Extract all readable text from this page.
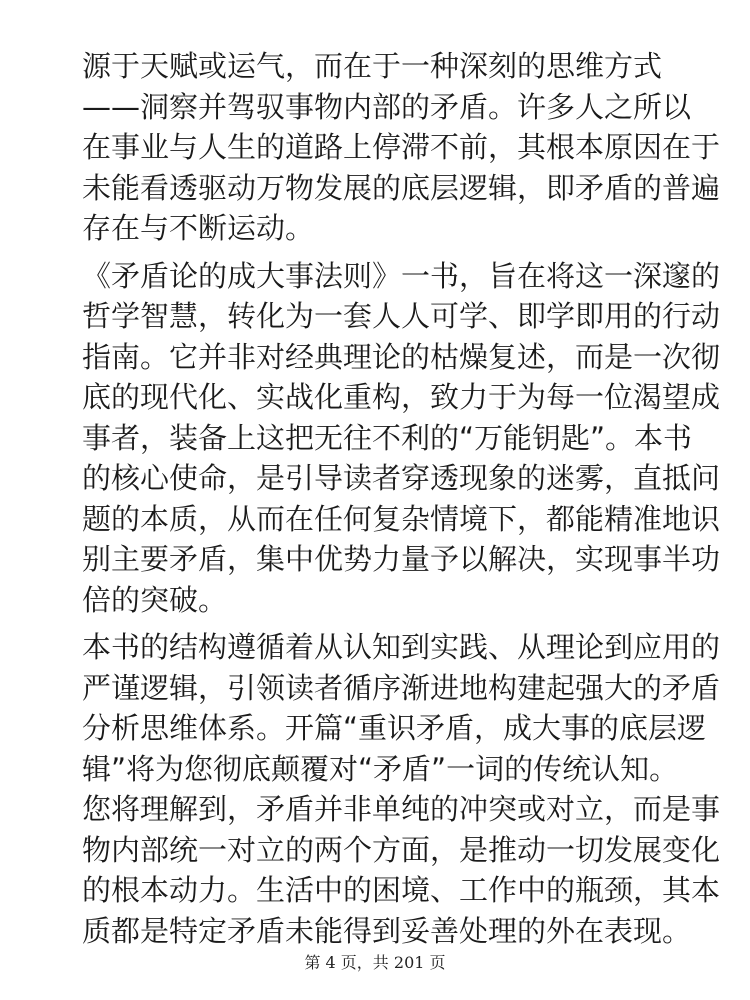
源于天赋或运气，而在于一种深刻的思维方式
——洞察并驾驭事物内部的矛盾。许多人之所以
在事业与人生的道路上停滞不前，其根本原因在于
未能看透驱动万物发展的底层逻辑，即矛盾的普遍
存在与不断运动。
《矛盾论的成大事法则》一书，旨在将这一深邃的
哲学智慧，转化为一套人人可学、即学即用的行动
指南。它并非对经典理论的枯燥复述，而是一次彻
底的现代化、实战化重构，致力于为每一位渴望成
事者，装备上这把无往不利的“万能钥匙”。本书
的核心使命，是引导读者穿透现象的迷雾，直抵问
题的本质，从而在任何复杂情境下，都能精准地识
别主要矛盾，集中优势力量予以解决，实现事半功
倍的突破。
本书的结构遵循着从认知到实践、从理论到应用的
严谨逻辑，引领读者循序渐进地构建起强大的矛盾
分析思维体系。开篇“重识矛盾，成大事的底层逻
辑”将为您彻底颠覆对“矛盾”一词的传统认知。
您将理解到，矛盾并非单纯的冲突或对立，而是事
物内部统一对立的两个方面，是推动一切发展变化
的根本动力。生活中的困境、工作中的瓶颈，其本
质都是特定矛盾未能得到妥善处理的外在表现。
第 4 页，共 201 页
